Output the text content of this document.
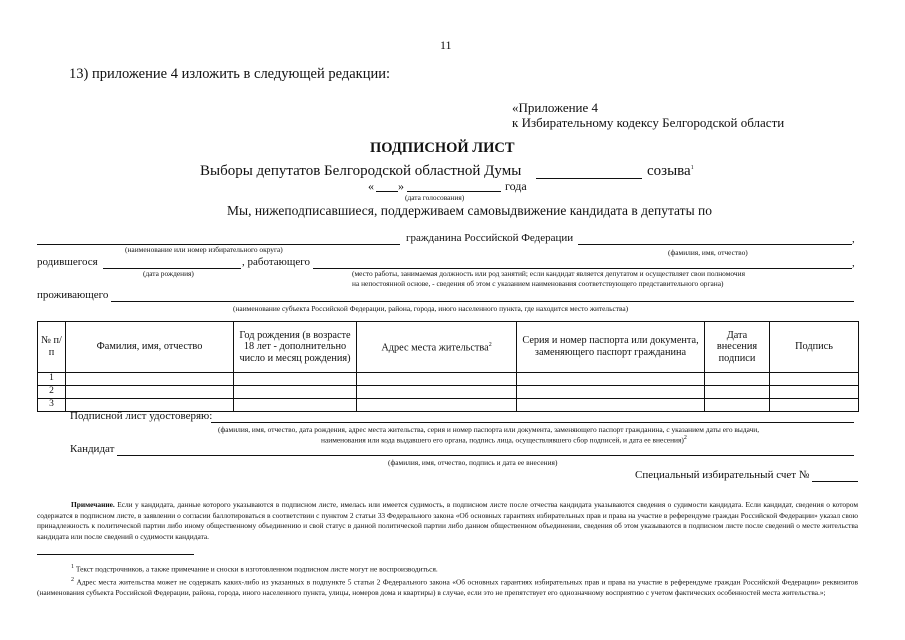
11
13) приложение 4 изложить в следующей редакции:
«Приложение 4
к Избирательному кодексу Белгородской области
ПОДПИСНОЙ ЛИСТ
Выборы депутатов Белгородской областной Думы	созыва$^1$
« »	года
(дата голосования)
Мы, нижеподписавшиеся, поддерживаем самовыдвижение кандидата в депутаты по
гражданина Российской Федерации	,
(наименование или номер избирательного округа)	(фамилия, имя, отчество)
родившегося	, работающего	,
(дата рождения)	(место работы, занимаемая должность или род занятий; если кандидат является депутатом и осуществляет свои полномочия
на непостоянной основе, - сведения об этом с указанием наименования соответствующего представительного органа)
проживающего
(наименование субъекта Российской Федерации, района, города, иного населенного пункта, где находится место жительства)
№ п/п	Фамилия, имя, отчество	Год рождения (в возрасте 18 лет - дополнительно число и месяц рождения)	Адрес места жительства$^2$	Серия и номер паспорта или документа, заменяющего паспорт гражданина	Дата внесения подписи	Подпись
1						
2						
3						
Подписной лист удостоверяю:
(фамилия, имя, отчество, дата рождения, адрес места жительства, серия и номер паспорта или документа, заменяющего паспорт гражданина, с указанием даты его выдачи,
наименования или кода выдавшего его органа, подпись лица, осуществлявшего сбор подписей, и дата ее внесения)$^2$
Кандидат
(фамилия, имя, отчество, подпись и дата ее внесения)
Специальный избирательный счет №
Примечание. Если у кандидата, данные которого указываются в подписном листе, имелась или имеется судимость, в подписном листе после отчества кандидата указываются сведения о судимости кандидата. Если кандидат, сведения о котором содержатся в подписном листе, в заявлении о согласии баллотироваться в соответствии с пунктом 2 статьи 33 Федерального закона «Об основных гарантиях избирательных прав и права на участие в референдуме граждан Российской Федерации» указал свою принадлежность к политической партии либо иному общественному объединению и свой статус в данной политической партии либо данном общественном объединении, сведения об этом указываются в подписном листе после сведений о месте жительства кандидата или после сведений о судимости кандидата.
$^1$ Текст подстрочников, а также примечание и сноски в изготовленном подписном листе могут не воспроизводиться.
$^2$ Адрес места жительства может не содержать каких-либо из указанных в подпункте 5 статьи 2 Федерального закона «Об основных гарантиях избирательных прав и права на участие в референдуме граждан Российской Федерации» реквизитов (наименования субъекта Российской Федерации, района, города, иного населенного пункта, улицы, номеров дома и квартиры) в случае, если это не препятствует его однозначному восприятию с учетом фактических особенностей места жительства.»;
